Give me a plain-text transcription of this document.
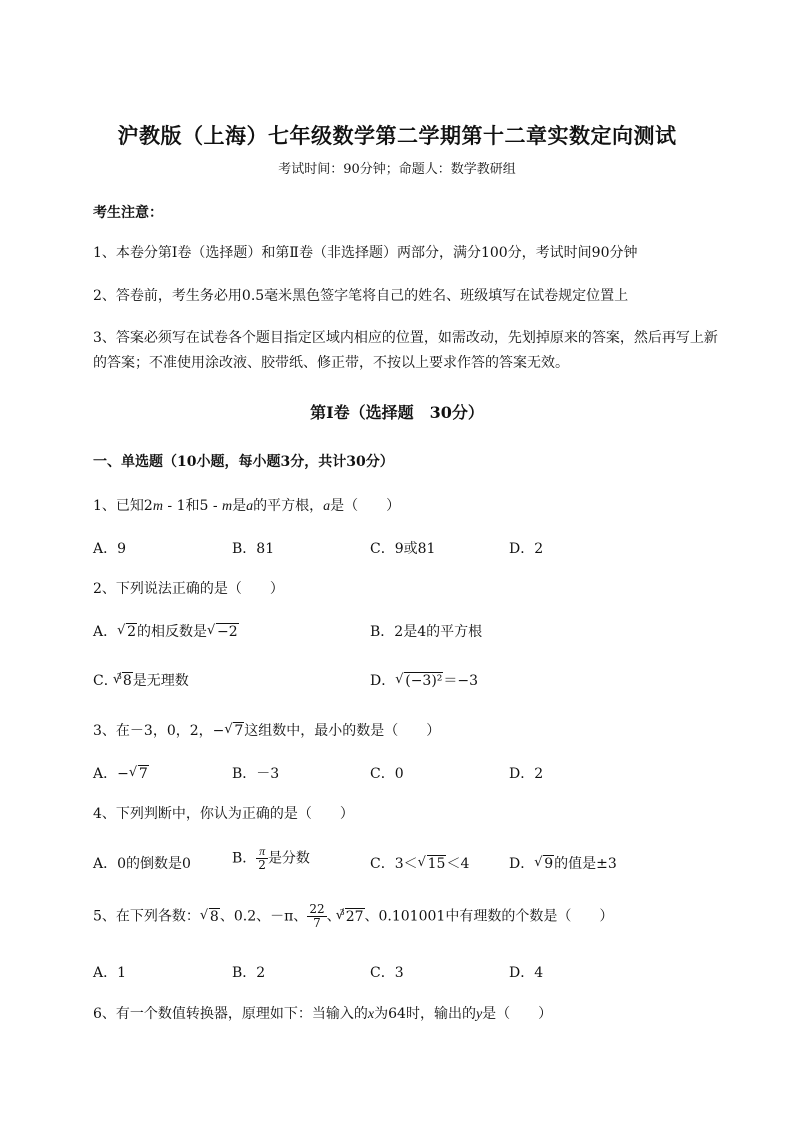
沪教版（上海）七年级数学第二学期第十二章实数定向测试
考试时间：90分钟；命题人：数学教研组
考生注意：
1、本卷分第Ⅰ卷（选择题）和第Ⅱ卷（非选择题）两部分，满分100分，考试时间90分钟
2、答卷前，考生务必用0.5毫米黑色签字笔将自己的姓名、班级填写在试卷规定位置上
3、答案必须写在试卷各个题目指定区域内相应的位置，如需改动，先划掉原来的答案，然后再写上新
的答案；不准使用涂改液、胶带纸、修正带，不按以上要求作答的答案无效。
第Ⅰ卷（选择题　30分）
一、单选题（10小题，每小题3分，共计30分）
1、已知2m - 1和5 - m是a的平方根，a是（　　）
A．9	B．81	C．9或81	D．2
2、下列说法正确的是（　　）
A． √ 2的相反数是 √ −2	B．2是4的平方根
C．$^3$√ 8是无理数	D． √ (−3)²＝−3
3、在－3，0，2，− √ 7这组数中，最小的数是（　　）
A．− √ 7	B．－3	C．0	D．2
4、下列判断中，你认为正确的是（　　）
A．0的倒数是0	B． $\frac{\pi}{2}$ 是分数	C．3＜ √ 15＜4	D． √ 9的值是±3
5、在下列各数： √ 8、0.2、－π、 $\frac{22}{7}$ 、$^3$√ 27、0.101001中有理数的个数是（　　）
A．1	B．2	C．3	D．4
6、有一个数值转换器，原理如下：当输入的x为64时，输出的y是（　　）
